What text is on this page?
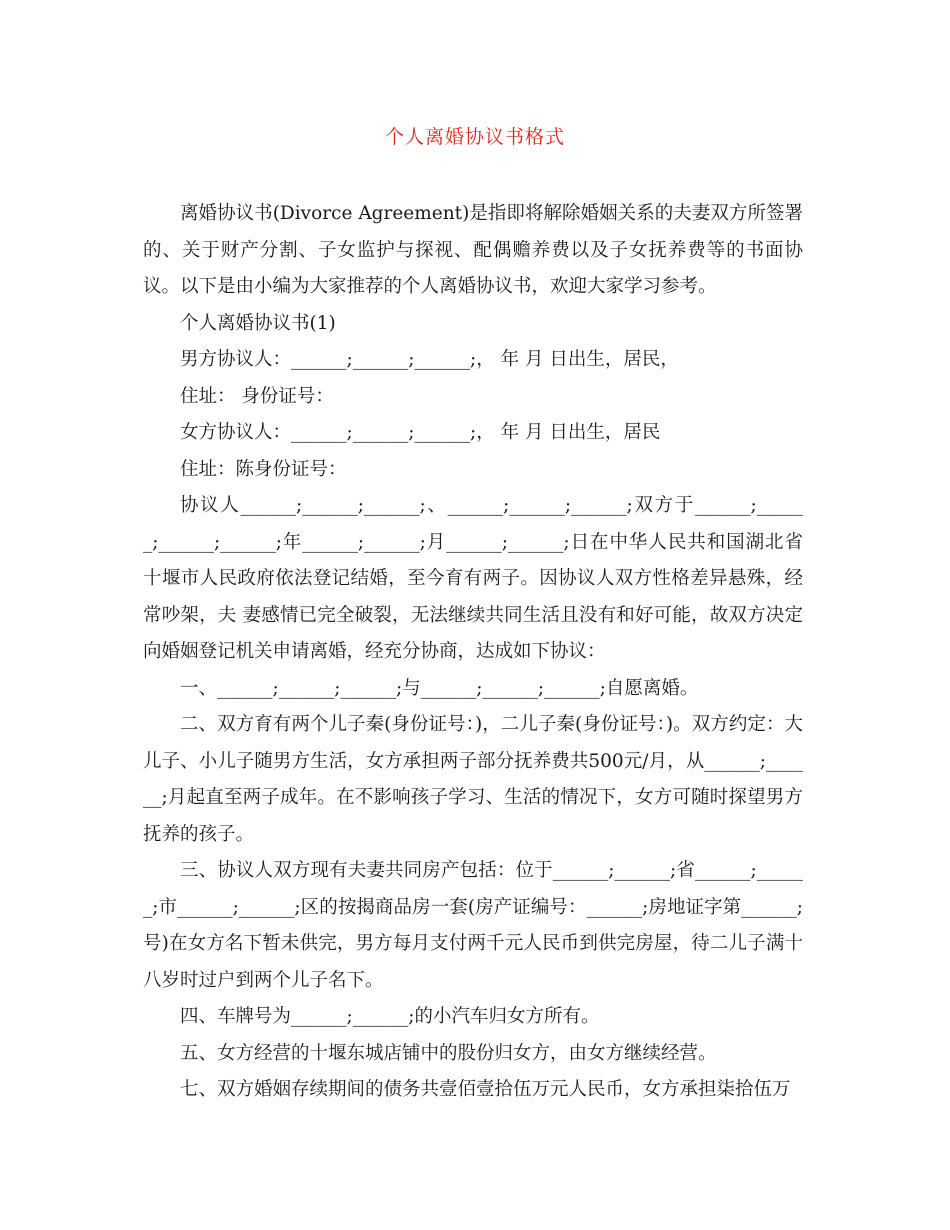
个人离婚协议书格式

离婚协议书(Divorce Agreement)是指即将解除婚姻关系的夫妻双方所签署的、关于财产分割、子女监护与探视、配偶赡养费以及子女抚养费等的书面协议。以下是由小编为大家推荐的个人离婚协议书，欢迎大家学习参考。

个人离婚协议书(1)

男方协议人：______;______;______;， 年 月 日出生，居民，

住址： 身份证号：

女方协议人：______;______;______;， 年 月 日出生，居民

住址：陈身份证号：

协议人______;______;______;、______;______;______;双方于______;______;______;______;年______;______;月______;______;日在中华人民共和国湖北省十堰市人民政府依法登记结婚，至今育有两子。因协议人双方性格差异悬殊，经常吵架，夫 妻感情已完全破裂，无法继续共同生活且没有和好可能，故双方决定向婚姻登记机关申请离婚，经充分协商，达成如下协议：

一、______;______;______;与______;______;______;自愿离婚。

二、双方育有两个儿子秦(身份证号：)，二儿子秦(身份证号：)。双方约定：大儿子、小儿子随男方生活，女方承担两子部分抚养费共500元/月，从______;______;月起直至两子成年。在不影响孩子学习、生活的情况下，女方可随时探望男方抚养的孩子。

三、协议人双方现有夫妻共同房产包括：位于______;______;省______;______;市______;______;区的按揭商品房一套(房产证编号：______;房地证字第______;号)在女方名下暂未供完，男方每月支付两千元人民币到供完房屋，待二儿子满十八岁时过户到两个儿子名下。

四、车牌号为______;______;的小汽车归女方所有。

五、女方经营的十堰东城店铺中的股份归女方，由女方继续经营。

七、双方婚姻存续期间的债务共壹佰壹拾伍万元人民币，女方承担柒拾伍万
